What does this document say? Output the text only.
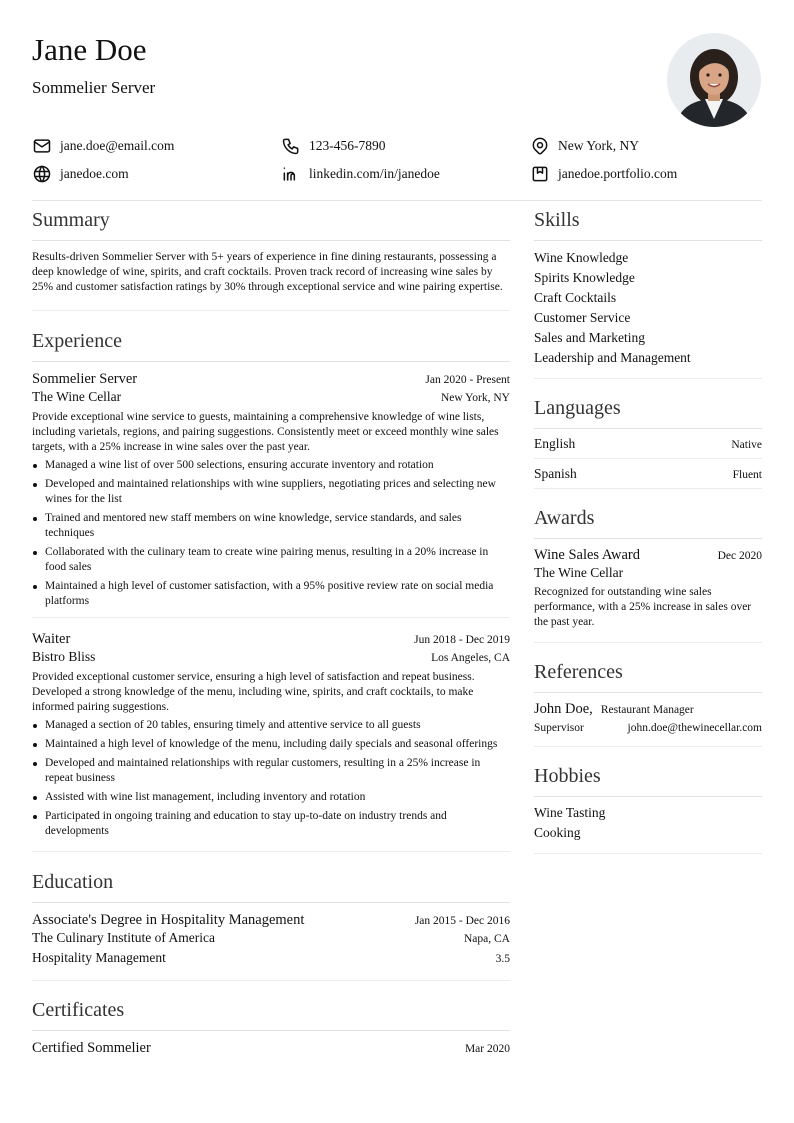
Jane Doe
Sommelier Server
jane.doe@email.com	123-456-7890	New York, NY
janedoe.com	linkedin.com/in/janedoe	janedoe.portfolio.com
Summary
Results-driven Sommelier Server with 5+ years of experience in fine dining restaurants, possessing a deep knowledge of wine, spirits, and craft cocktails. Proven track record of increasing wine sales by 25% and customer satisfaction ratings by 30% through exceptional service and wine pairing expertise.
Experience
Sommelier Server	Jan 2020 - Present
The Wine Cellar	New York, NY
Provide exceptional wine service to guests, maintaining a comprehensive knowledge of wine lists, including varietals, regions, and pairing suggestions. Consistently meet or exceed monthly wine sales targets, with a 25% increase in wine sales over the past year.
Managed a wine list of over 500 selections, ensuring accurate inventory and rotation
Developed and maintained relationships with wine suppliers, negotiating prices and selecting new wines for the list
Trained and mentored new staff members on wine knowledge, service standards, and sales techniques
Collaborated with the culinary team to create wine pairing menus, resulting in a 20% increase in food sales
Maintained a high level of customer satisfaction, with a 95% positive review rate on social media platforms
Waiter	Jun 2018 - Dec 2019
Bistro Bliss	Los Angeles, CA
Provided exceptional customer service, ensuring a high level of satisfaction and repeat business. Developed a strong knowledge of the menu, including wine, spirits, and craft cocktails, to make informed pairing suggestions.
Managed a section of 20 tables, ensuring timely and attentive service to all guests
Maintained a high level of knowledge of the menu, including daily specials and seasonal offerings
Developed and maintained relationships with regular customers, resulting in a 25% increase in repeat business
Assisted with wine list management, including inventory and rotation
Participated in ongoing training and education to stay up-to-date on industry trends and developments
Education
Associate's Degree in Hospitality Management	Jan 2015 - Dec 2016
The Culinary Institute of America	Napa, CA
Hospitality Management	3.5
Certificates
Certified Sommelier	Mar 2020
Skills
Wine Knowledge
Spirits Knowledge
Craft Cocktails
Customer Service
Sales and Marketing
Leadership and Management
Languages
English	Native
Spanish	Fluent
Awards
Wine Sales Award	Dec 2020
The Wine Cellar
Recognized for outstanding wine sales performance, with a 25% increase in sales over the past year.
References
John Doe, Restaurant Manager
Supervisor	john.doe@thewinecellar.com
Hobbies
Wine Tasting
Cooking
